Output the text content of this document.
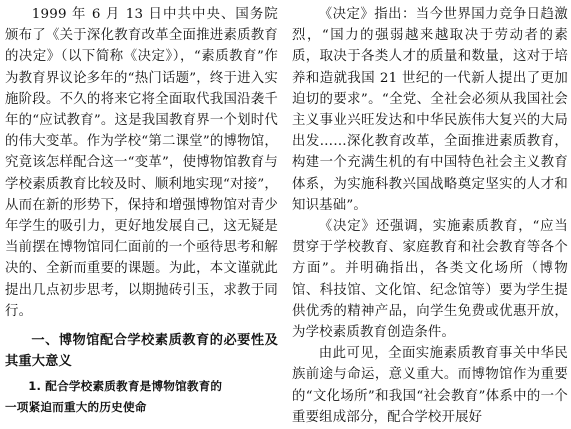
1999 年 6 月 13 日中共中央、国务院颁布了《关于深化教育改革全面推进素质教育的决定》（以下简称《决定》），“素质教育”作为教育界议论多年的“热门话题”，终于进入实施阶段。不久的将来它将全面取代我国沿袭千年的“应试教育”。这是我国教育界一个划时代的伟大变革。作为学校“第二课堂”的博物馆，究竟该怎样配合这一“变革”，使博物馆教育与学校素质教育比较及时、顺利地实现“对接”，从而在新的形势下，保持和增强博物馆对青少年学生的吸引力，更好地发展自己，这无疑是当前摆在博物馆同仁面前的一个亟待思考和解决的、全新而重要的课题。为此，本文谨就此提出几点初步思考，以期抛砖引玉，求教于同行。

一、博物馆配合学校素质教育的必要性及其重大意义

1. 配合学校素质教育是博物馆教育的

一项紧迫而重大的历史使命

《决定》指出：当今世界国力竞争日趋激烈，“国力的强弱越来越取决于劳动者的素质，取决于各类人才的质量和数量，这对于培养和造就我国 21 世纪的一代新人提出了更加迫切的要求”。“全党、全社会必须从我国社会主义事业兴旺发达和中华民族伟大复兴的大局出发……深化教育改革，全面推进素质教育，构建一个充满生机的有中国特色社会主义教育体系，为实施科教兴国战略奠定坚实的人才和知识基础”。

《决定》还强调，实施素质教育，“应当贯穿于学校教育、家庭教育和社会教育等各个方面”。并明确指出，各类文化场所（博物馆、科技馆、文化馆、纪念馆等）要为学生提供优秀的精神产品，向学生免费或优惠开放，为学校素质教育创造条件。

由此可见，全面实施素质教育事关中华民族前途与命运，意义重大。而博物馆作为重要的“文化场所”和我国“社会教育”体系中的一个重要组成部分，配合学校开展好
